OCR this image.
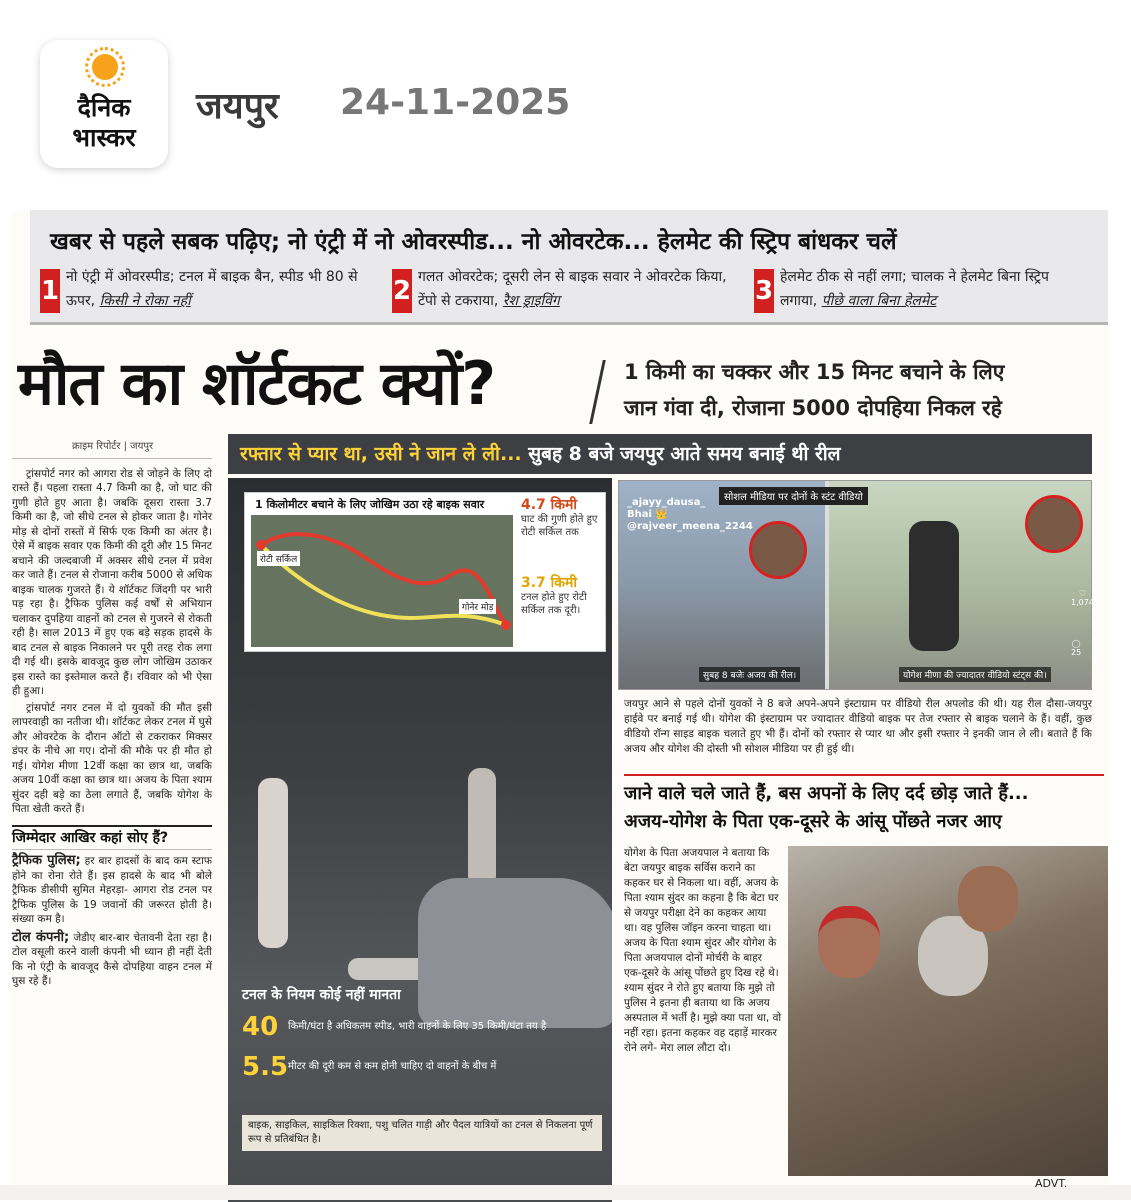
दैनिक
भास्कर
जयपुर 24-11-2025
खबर से पहले सबक पढ़िए; नो एंट्री में नो ओवरस्पीड... नो ओवरटेक... हेलमेट की स्ट्रिप बांधकर चलें
1 नो एंट्री में ओवरस्पीड; टनल में बाइक बैन, स्पीड भी 80 से ऊपर, किसी ने रोका नहीं	2 गलत ओवरटेक; दूसरी लेन से बाइक सवार ने ओवरटेक किया, टेंपो से टकराया, रैश ड्राइविंग	3 हेलमेट ठीक से नहीं लगा; चालक ने हेलमेट बिना स्ट्रिप लगाया, पीछे वाला बिना हेलमेट
मौत का शॉर्टकट क्यों?	1 किमी का चक्कर और 15 मिनट बचाने के लिए
जान गंवा दी, रोजाना 5000 दोपहिया निकल रहे
क्राइम रिपोर्टर | जयपुर

ट्रांसपोर्ट नगर को आगरा रोड से जोड़ने के लिए दो रास्ते हैं। पहला रास्ता 4.7 किमी का है, जो घाट की गुणी होते हुए आता है। जबकि दूसरा रास्ता 3.7 किमी का है, जो सीधे टनल से होकर जाता है। गोनेर मोड़ से दोनों रास्तों में सिर्फ एक किमी का अंतर है। ऐसे में बाइक सवार एक किमी की दूरी और 15 मिनट बचाने की जल्दबाजी में अक्सर सीधे टनल में प्रवेश कर जाते हैं। टनल से रोजाना करीब 5000 से अधिक बाइक चालक गुजरते हैं। ये शॉर्टकट जिंदगी पर भारी पड़ रहा है। ट्रैफिक पुलिस कई वर्षों से अभियान चलाकर दुपहिया वाहनों को टनल से गुजरने से रोकती रही है। साल 2013 में हुए एक बड़े सड़क हादसे के बाद टनल से बाइक निकालने पर पूरी तरह रोक लगा दी गई थी। इसके बावजूद कुछ लोग जोखिम उठाकर इस रास्ते का इस्तेमाल करते हैं। रविवार को भी ऐसा ही हुआ।

ट्रांसपोर्ट नगर टनल में दो युवकों की मौत इसी लापरवाही का नतीजा थी। शॉर्टकट लेकर टनल में घुसे और ओवरटेक के दौरान ऑटो से टकराकर मिक्सर डंपर के नीचे आ गए। दोनों की मौके पर ही मौत हो गई। योगेश मीणा 12वीं कक्षा का छात्र था, जबकि अजय 10वीं कक्षा का छात्र था। अजय के पिता श्याम सुंदर दही बड़े का ठेला लगाते हैं, जबकि योगेश के पिता खेती करते हैं।

जिम्मेदार आखिर कहां सोए हैं?
ट्रैफिक पुलिस; हर बार हादसों के बाद कम स्टाफ होने का रोना रोते हैं। इस हादसे के बाद भी बोले ट्रैफिक डीसीपी सुमित मेहरड़ा- आगरा रोड टनल पर ट्रैफिक पुलिस के 19 जवानों की जरूरत होती है। संख्या कम है।
टोल कंपनी; जेडीए बार-बार चेतावनी देता रहा है। टोल वसूली करने वाली कंपनी भी ध्यान ही नहीं देती कि नो एंट्री के बावजूद कैसे दोपहिया वाहन टनल में घुस रहे हैं।
रफ्तार से प्यार था, उसी ने जान ले ली... सुबह 8 बजे जयपुर आते समय बनाई थी रील
1 किलोमीटर बचाने के लिए जोखिम उठा रहे बाइक सवार
रोटी सर्किल
गोनेर मोड़
4.7 किमी
घाट की गुणी होते हुए रोटी सर्किल तक
3.7 किमी
टनल होते हुए रोटी सर्किल तक दूरी।
टनल के नियम कोई नहीं मानता
40 किमी/घंटा है अधिकतम स्पीड, भारी वाहनों के लिए 35 किमी/घंटा तय है
5.5 मीटर की दूरी कम से कम होनी चाहिए दो वाहनों के बीच में
बाइक, साइकिल, साइकिल रिक्शा, पशु चलित गाड़ी और पैदल यात्रियों का टनल से निकलना पूर्ण रूप से प्रतिबंधित है।
_ajayy_dausa_
Bhai 👑
@rajveer_meena_2244
सोशल मीडिया पर दोनों के स्टंट वीडियो
सुबह 8 बजेः अजय की रील।	योगेश मीणा की ज्यादातर वीडियो स्टंट्स की।
♡
1,074
◯
25
जयपुर आने से पहले दोनों युवकों ने 8 बजे अपने-अपने इंस्टाग्राम पर वीडियो रील अपलोड की थी। यह रील दौसा-जयपुर हाईवे पर बनाई गई थी। योगेश की इंस्टाग्राम पर ज्यादातर वीडियो बाइक पर तेज रफ्तार से बाइक चलाने के हैं। वहीं, कुछ वीडियो रॉन्ग साइड बाइक चलाते हुए भी हैं। दोनों को रफ्तार से प्यार था और इसी रफ्तार ने इनकी जान ले ली। बताते हैं कि अजय और योगेश की दोस्ती भी सोशल मीडिया पर ही हुई थी।
जाने वाले चले जाते हैं, बस अपनों के लिए दर्द छोड़ जाते हैं...
अजय-योगेश के पिता एक-दूसरे के आंसू पोंछते नजर आए
योगेश के पिता अजयपाल ने बताया कि बेटा जयपुर बाइक सर्विस कराने का कहकर घर से निकला था। वहीं, अजय के पिता श्याम सुंदर का कहना है कि बेटा घर से जयपुर परीक्षा देने का कहकर आया था। वह पुलिस जॉइन करना चाहता था। अजय के पिता श्याम सुंदर और योगेश के पिता अजयपाल दोनों मोर्चरी के बाहर एक-दूसरे के आंसू पोंछते हुए दिख रहे थे। श्याम सुंदर ने रोते हुए बताया कि मुझे तो पुलिस ने इतना ही बताया था कि अजय अस्पताल में भर्ती है। मुझे क्या पता था, वो नहीं रहा। इतना कहकर वह दहाड़ें मारकर रोने लगे- मेरा लाल लौटा दो।
ADVT.
